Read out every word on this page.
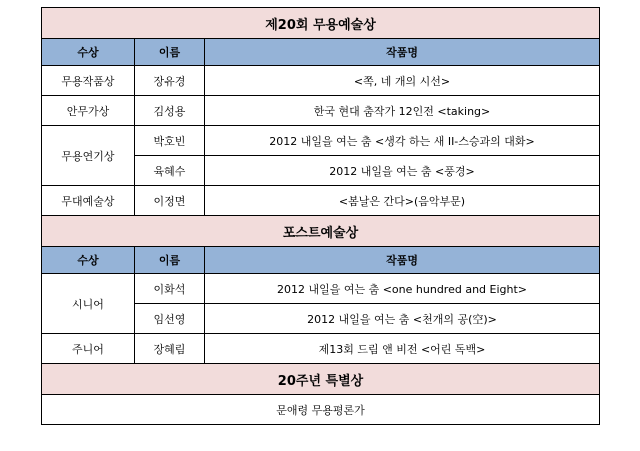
제20회 무용예술상		
수상	이름	작품명
무용작품상	장유경	<쪽, 네 개의 시선>
안무가상	김성용	한국 현대 춤작가 12인전 <taking>
무용연기상	박호빈	2012 내일을 여는 춤 <생각 하는 새 II-스승과의 대화>
	육혜수	2012 내일을 여는 춤 <풍경>
무대예술상	이정면	<봄날은 간다>(음악부문)
포스트예술상		
수상	이름	작품명
시니어	이화석	2012 내일을 여는 춤 <one hundred and Eight>
	임선영	2012 내일을 여는 춤 <천개의 공(空)>
주니어	장혜림	제13회 드림 앤 비전 <어린 독백>
20주년 특별상		
문애령 무용평론가		
